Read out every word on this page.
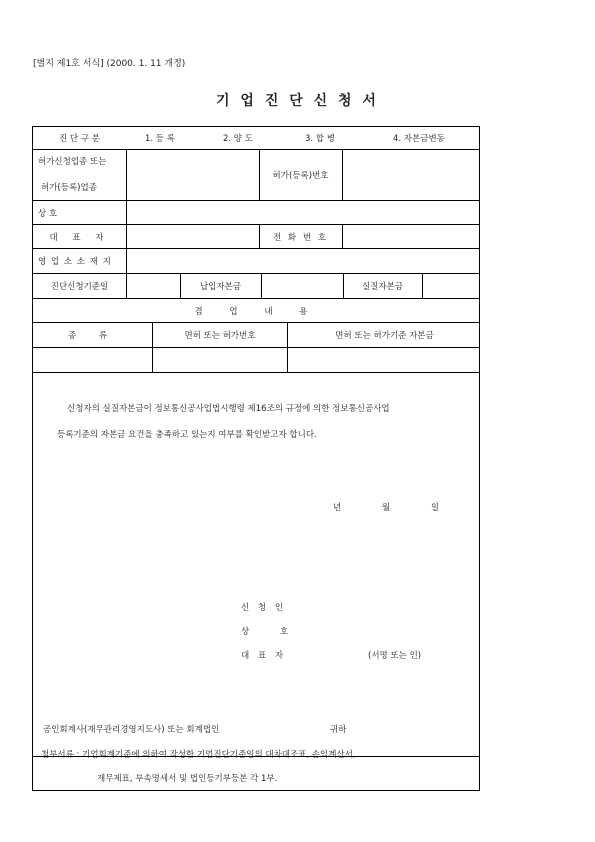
[별지 제1호 서식] (2000. 1. 11 개정)
기 업 진 단 신 청 서
진 단 구 분	1. 등 록	2. 양 도	3. 합 병	4. 자본금변동
허가신청업종 또는
허가(등록)업종
허가(등록)번호
상 호
대 표 자	전 화 번 호
영 업 소 소 재 지
진단신청기준일	납입자본금	실질자본금
겸 업 내 용
종 류	면허 또는 허가번호	면허 또는 허가기준 자본금
신청자의 실질자본금이 정보통신공사업법시행령 제16조의 규정에 의한 정보통신공사업
등록기준의 자본금 요건을 충족하고 있는지 여부를 확인받고자 합니다.
년	월	일
신 청 인
상 호
대 표 자	(서명 또는 인)
공인회계사(재무관리경영지도사) 또는 회계법인	귀하
첨부서류 : 기업회계기준에 의하여 작성한 기업진단기준일의 대차대조표, 손익계산서,
재무제표, 부속명세서 및 법인등기부등본 각 1부.
